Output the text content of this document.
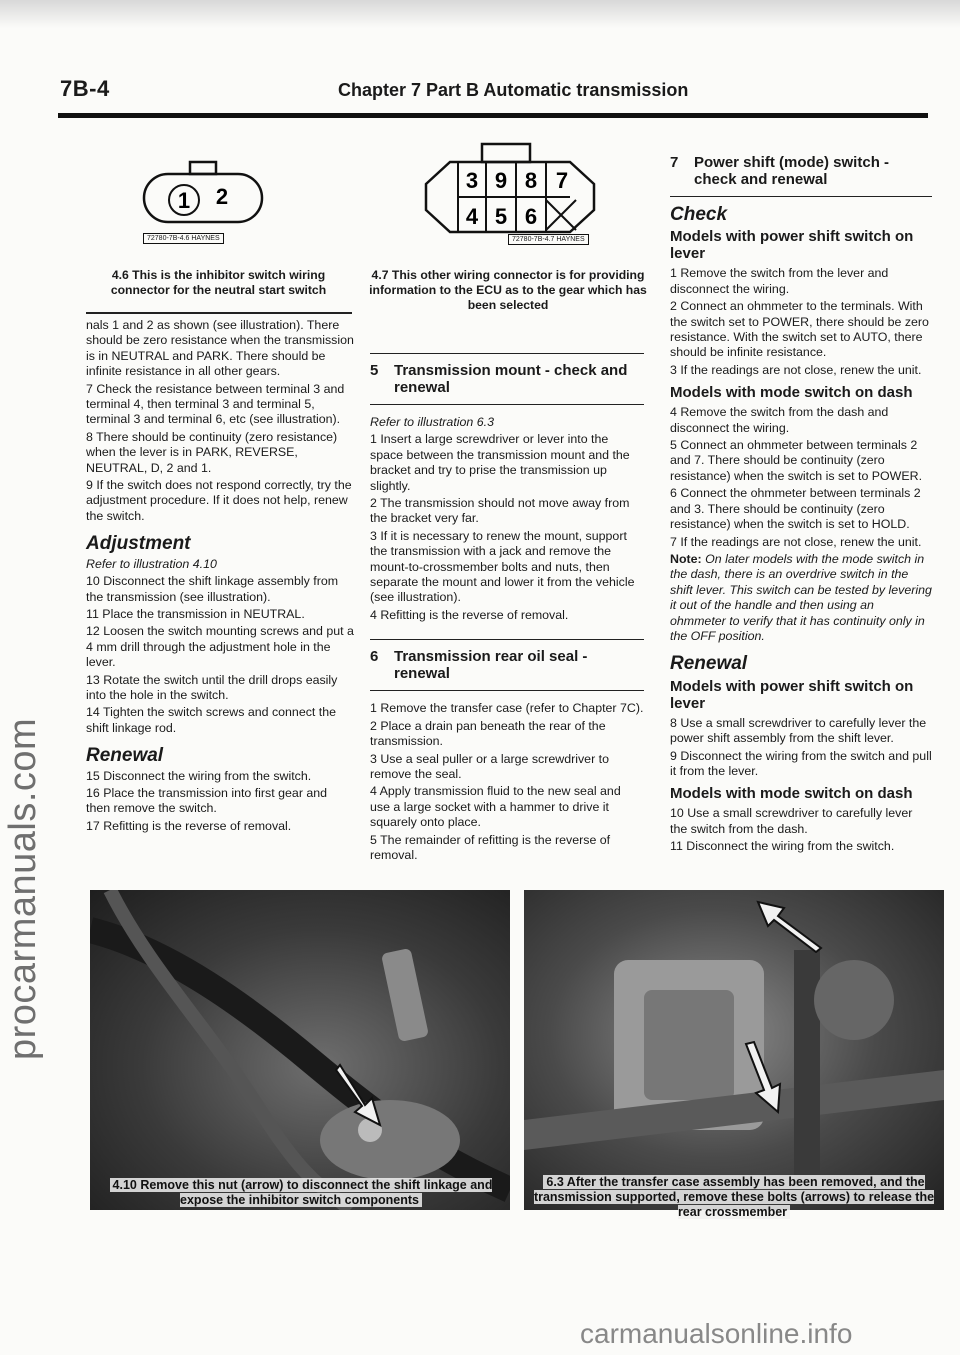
7B-4	Chapter 7 Part B Automatic transmission
procarmanuals.com
carmanualsonline.info
1 2
72780-7B-4.6 HAYNES
4.6 This is the inhibitor switch wiring connector for the neutral start switch
3 9 8 7
4 5 6
72780-7B-4.7 HAYNES
4.7 This other wiring connector is for providing information to the ECU as to the gear which has been selected

nals 1 and 2 as shown (see illustration). There should be zero resistance when the transmission is in NEUTRAL and PARK. There should be infinite resistance in all other gears.

7 Check the resistance between terminal 3 and terminal 4, then terminal 3 and terminal 5, terminal 3 and terminal 6, etc (see illustration).

8 There should be continuity (zero resistance) when the lever is in PARK, REVERSE, NEUTRAL, D, 2 and 1.

9 If the switch does not respond correctly, try the adjustment procedure. If it does not help, renew the switch.

Adjustment

Refer to illustration 4.10

10 Disconnect the shift linkage assembly from the transmission (see illustration).

11 Place the transmission in NEUTRAL.

12 Loosen the switch mounting screws and put a 4 mm drill through the adjustment hole in the lever.

13 Rotate the switch until the drill drops easily into the hole in the switch.

14 Tighten the switch screws and connect the shift linkage rod.

Renewal

15 Disconnect the wiring from the switch.

16 Place the transmission into first gear and then remove the switch.

17 Refitting is the reverse of removal.

5 Transmission mount - check and renewal

Refer to illustration 6.3

1 Insert a large screwdriver or lever into the space between the transmission mount and the bracket and try to prise the transmission up slightly.

2 The transmission should not move away from the bracket very far.

3 If it is necessary to renew the mount, support the transmission with a jack and remove the mount-to-crossmember bolts and nuts, then separate the mount and lower it from the vehicle (see illustration).

4 Refitting is the reverse of removal.

6 Transmission rear oil seal - renewal

1 Remove the transfer case (refer to Chapter 7C).

2 Place a drain pan beneath the rear of the transmission.

3 Use a seal puller or a large screwdriver to remove the seal.

4 Apply transmission fluid to the new seal and use a large socket with a hammer to drive it squarely onto place.

5 The remainder of refitting is the reverse of removal.

7 Power shift (mode) switch - check and renewal
Check
Models with power shift switch on lever

1 Remove the switch from the lever and disconnect the wiring.

2 Connect an ohmmeter to the terminals. With the switch set to POWER, there should be zero resistance. With the switch set to AUTO, there should be infinite resistance.

3 If the readings are not close, renew the unit.

Models with mode switch on dash

4 Remove the switch from the dash and disconnect the wiring.

5 Connect an ohmmeter between terminals 2 and 7. There should be continuity (zero resistance) when the switch is set to POWER.

6 Connect the ohmmeter between terminals 2 and 3. There should be continuity (zero resistance) when the switch is set to HOLD.

7 If the readings are not close, renew the unit.

Note: On later models with the mode switch in the dash, there is an overdrive switch in the shift lever. This switch can be tested by levering it out of the handle and then using an ohmmeter to verify that it has continuity only in the OFF position.

Renewal
Models with power shift switch on lever

8 Use a small screwdriver to carefully lever the power shift assembly from the shift lever.

9 Disconnect the wiring from the switch and pull it from the lever.

Models with mode switch on dash

10 Use a small screwdriver to carefully lever the switch from the dash.

11 Disconnect the wiring from the switch.

4.10 Remove this nut (arrow) to disconnect the shift linkage and expose the inhibitor switch components
6.3 After the transfer case assembly has been removed, and the transmission supported, remove these bolts (arrows) to release the rear crossmember
